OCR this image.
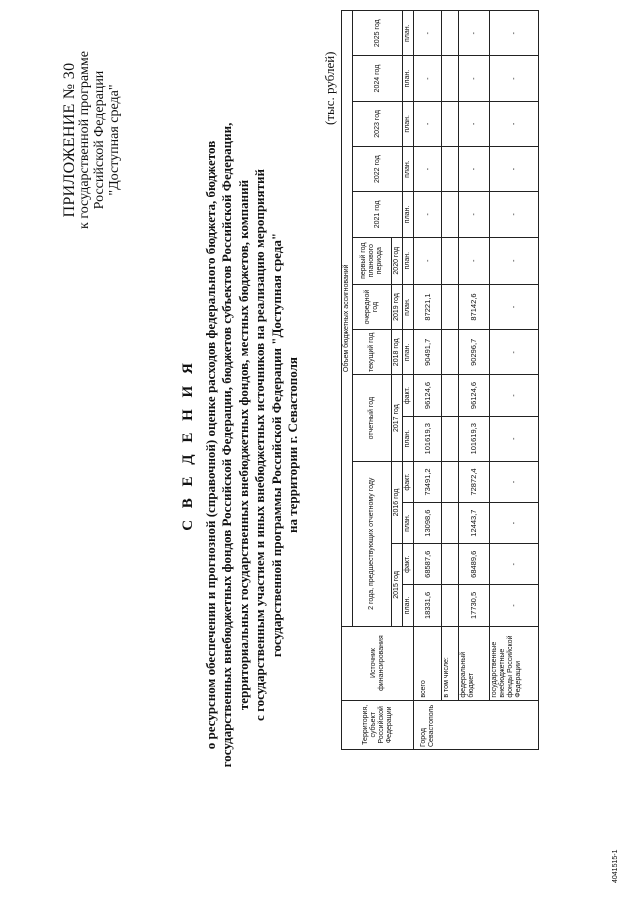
ПРИЛОЖЕНИЕ № 30 к государственной программе Российской Федерации "Доступная среда"
С В Е Д Е Н И Я о ресурсном обеспечении и прогнозной (справочной) оценке расходов федерального бюджета, бюджетов государственных внебюджетных фондов Российской Федерации, бюджетов субъектов Российской Федерации, территориальных государственных внебюджетных фондов, местных бюджетов, компаний с государственным участием и иных внебюджетных источников на реализацию мероприятий государственной программы Российской Федерации "Доступная среда" на территории г. Севастополя
(тыс. рублей)
Территория, субъект Российской Федерации	Источник финансирования	Объем бюджетных ассигнований													
		2 года, предшествующих отчетному году				отчетный год		текущий год	очередной год	первый год планового периода	2021 год	2022 год	2023 год	2024 год	2025 год
		2015 год		2016 год		2017 год		2018 год	2019 год	2020 год					
		план.	факт.	план.	факт.	план.	факт.	план.	план.	план.	план.	план.	план.	план.	план.
Город Севастополь	всего	18331,6	68587,6	13098,6	73491,2	101619,3	96124,6	90491,7	87221,1	-	-	-	-	-	-
	в том числе:														
	федеральный бюджет	17730,5	68489,6	12443,7	72872,4	101619,3	96124,6	90296,7	87142,6	-	-	-	-	-	-
	государственные внебюджетные фонды Российской Федерации	-	-	-	-	-	-	-	-	-	-	-	-	-	-
4041515-1
